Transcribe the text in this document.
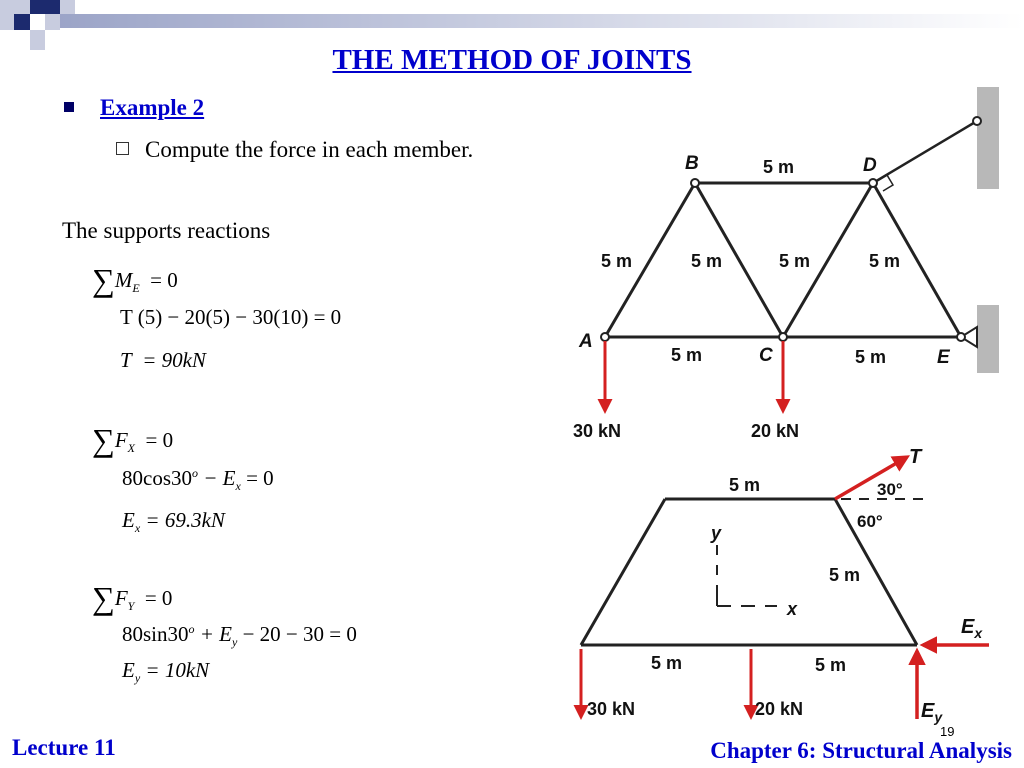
THE METHOD OF JOINTS
Example 2
Compute the force in each member.
The supports reactions
$\sum M_E = 0$
T (5) − 20(5) − 30(10) = 0
T = 90kN
$\sum F_X = 0$
$80\cos 30^o - E_x = 0$
$E_x = 69.3kN$
$\sum F_Y = 0$
$80\sin 30^o + E_y - 20 - 30 = 0$
$E_y = 10kN$
A
B
C
D
E
5 m
5 m	5 m	5 m	5 m
5 m	5 m
30 kN	20 kN
y
x
T
30°
60°
5 m
5 m
5 m	5 m
30 kN	20 kN
$E_x$
$E_y$
19
Lecture 11	Chapter 6: Structural Analysis
